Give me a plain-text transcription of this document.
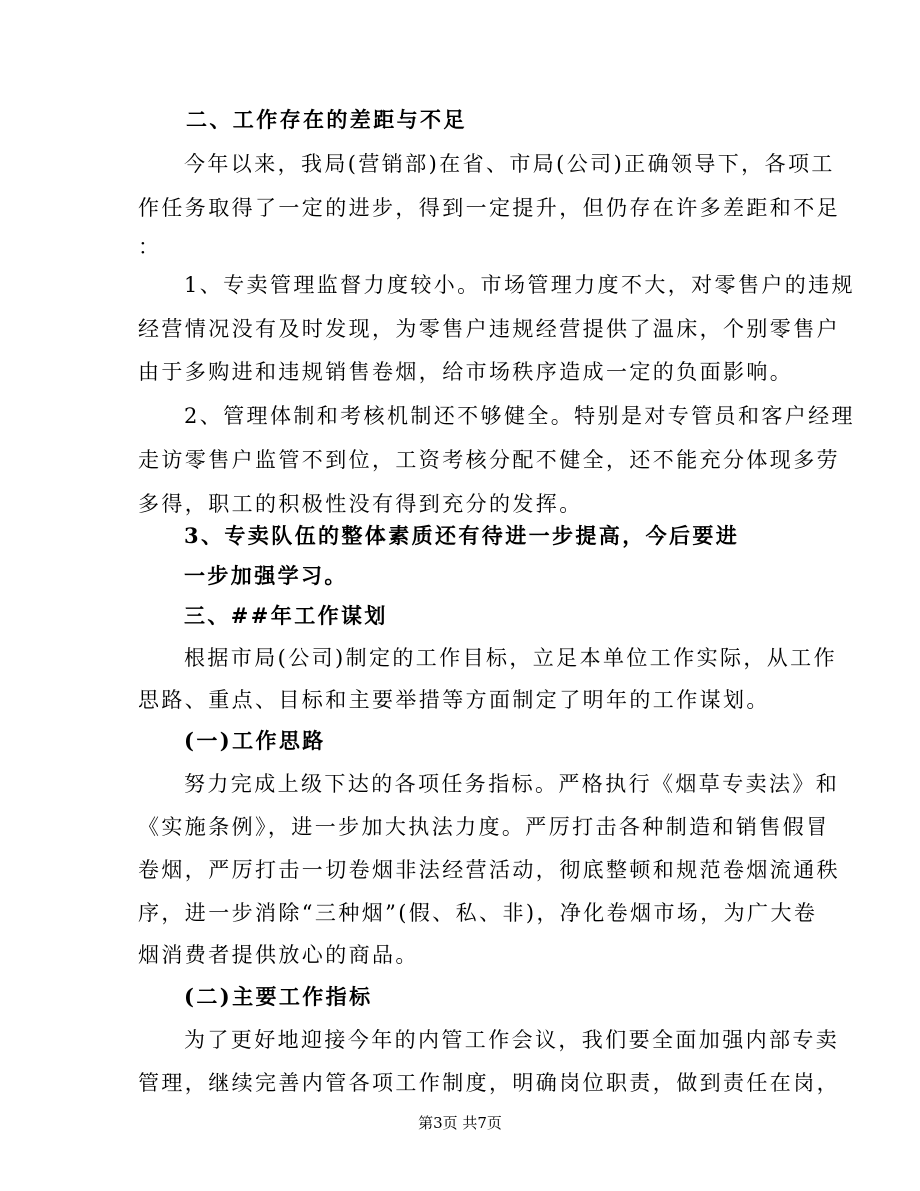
二、工作存在的差距与不足
今年以来，我局(营销部)在省、市局(公司)正确领导下，各项工
作任务取得了一定的进步，得到一定提升，但仍存在许多差距和不足
：
1、专卖管理监督力度较小。市场管理力度不大，对零售户的违规
经营情况没有及时发现，为零售户违规经营提供了温床，个别零售户
由于多购进和违规销售卷烟，给市场秩序造成一定的负面影响。
2、管理体制和考核机制还不够健全。特别是对专管员和客户经理
走访零售户监管不到位，工资考核分配不健全，还不能充分体现多劳
多得，职工的积极性没有得到充分的发挥。
3、专卖队伍的整体素质还有待进一步提高，今后要进
一步加强学习。
三、##年工作谋划
根据市局(公司)制定的工作目标，立足本单位工作实际，从工作
思路、重点、目标和主要举措等方面制定了明年的工作谋划。
(一)工作思路
努力完成上级下达的各项任务指标。严格执行《烟草专卖法》和
《实施条例》，进一步加大执法力度。严厉打击各种制造和销售假冒
卷烟，严厉打击一切卷烟非法经营活动，彻底整顿和规范卷烟流通秩
序，进一步消除“三种烟”(假、私、非)，净化卷烟市场，为广大卷
烟消费者提供放心的商品。
(二)主要工作指标
为了更好地迎接今年的内管工作会议，我们要全面加强内部专卖
管理，继续完善内管各项工作制度，明确岗位职责，做到责任在岗，
第3页 共7页
